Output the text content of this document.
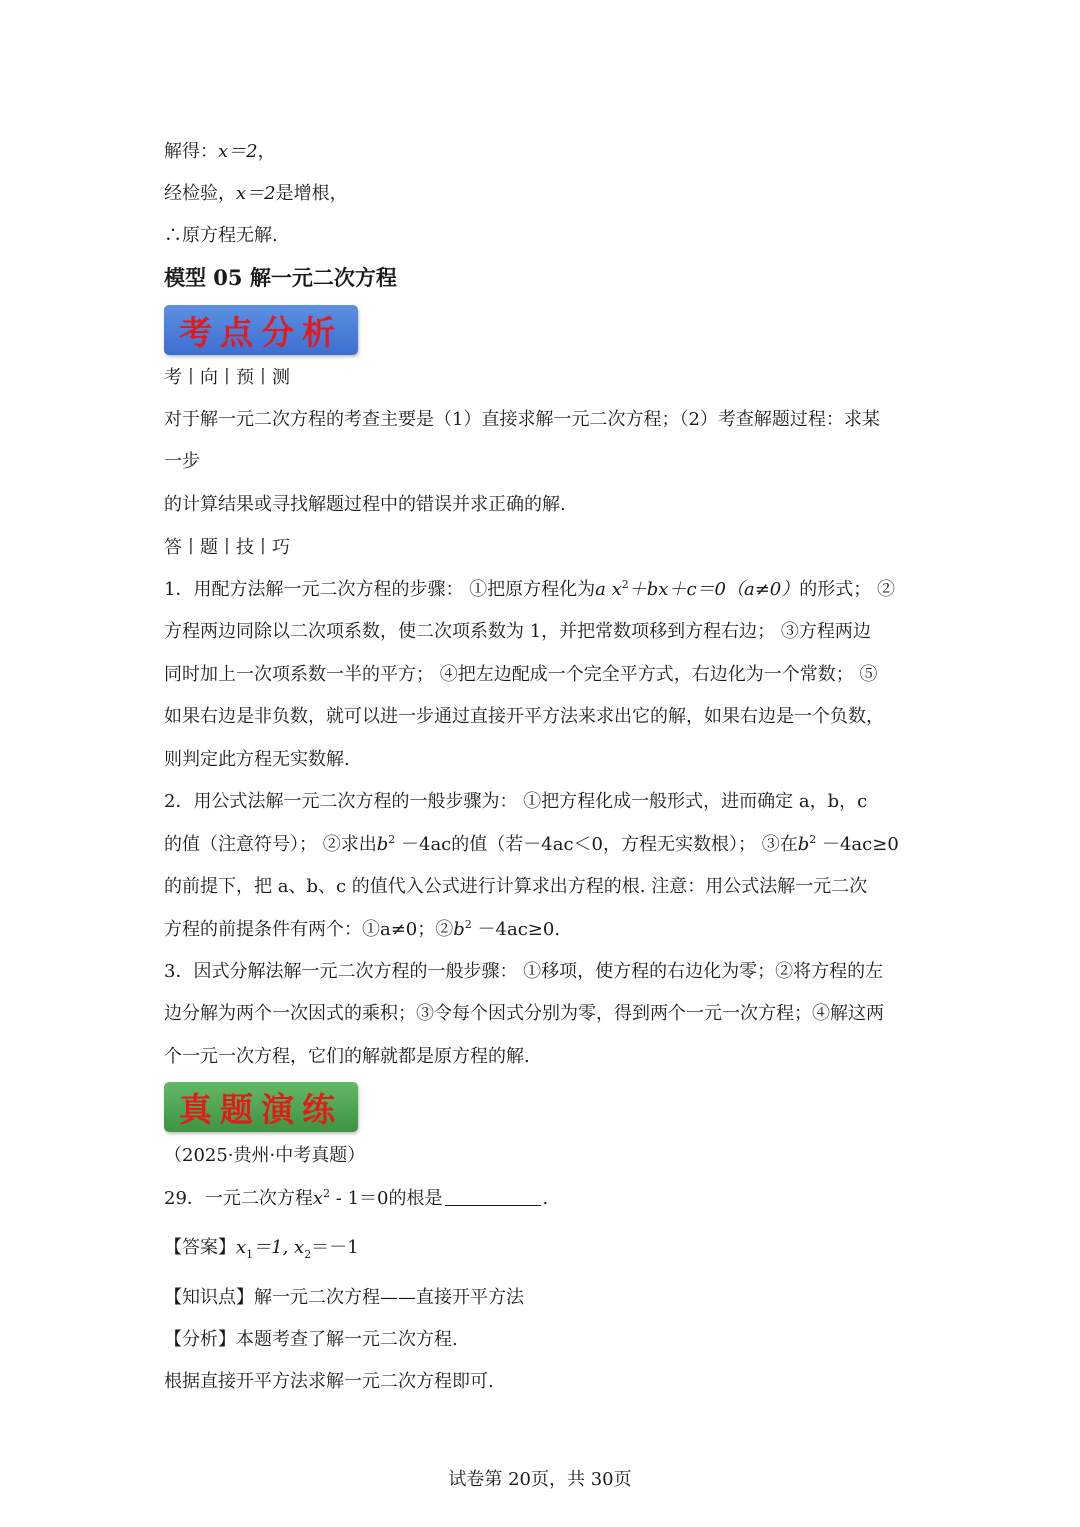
解得：x＝2，
经检验，x＝2是增根，
∴原方程无解.
模型 05 解一元二次方程
考点分析
考丨向丨预丨测
对于解一元二次方程的考查主要是（1）直接求解一元二次方程；（2）考查解题过程：求某
一步
的计算结果或寻找解题过程中的错误并求正确的解.
答丨题丨技丨巧
1．用配方法解一元二次方程的步骤： ①把原方程化为a $x^2+bx+c=0(a\ne 0)$的形式； ②
方程两边同除以二次项系数，使二次项系数为 1，并把常数项移到方程右边； ③方程两边
同时加上一次项系数一半的平方； ④把左边配成一个完全平方式，右边化为一个常数； ⑤
如果右边是非负数，就可以进一步通过直接开平方法来求出它的解，如果右边是一个负数，
则判定此方程无实数解.
2．用公式法解一元二次方程的一般步骤为： ①把方程化成一般形式，进而确定 a，b，c
的值（注意符号）； ②求出$b^2 -4ac$的值（若－4ac＜0，方程无实数根）； ③在$b^2 -4ac\ge 0$
的前提下，把 a、b、c 的值代入公式进行计算求出方程的根. 注意：用公式法解一元二次
方程的前提条件有两个：①a≠0；$②b^2 -4ac\ge 0$.
3．因式分解法解一元二次方程的一般步骤： ①移项，使方程的右边化为零；②将方程的左
边分解为两个一次因式的乘积；③令每个因式分别为零，得到两个一元一次方程；④解这两
个一元一次方程，它们的解就都是原方程的解.
真题演练
（2025·贵州·中考真题）
29．一元二次方程$x^2 - 1=0$的根是	.
【答案】$x_1=1$, $x_2=-1$
【知识点】解一元二次方程——直接开平方法
【分析】本题考查了解一元二次方程.
根据直接开平方法求解一元二次方程即可.
试卷第 20页，共 30页
